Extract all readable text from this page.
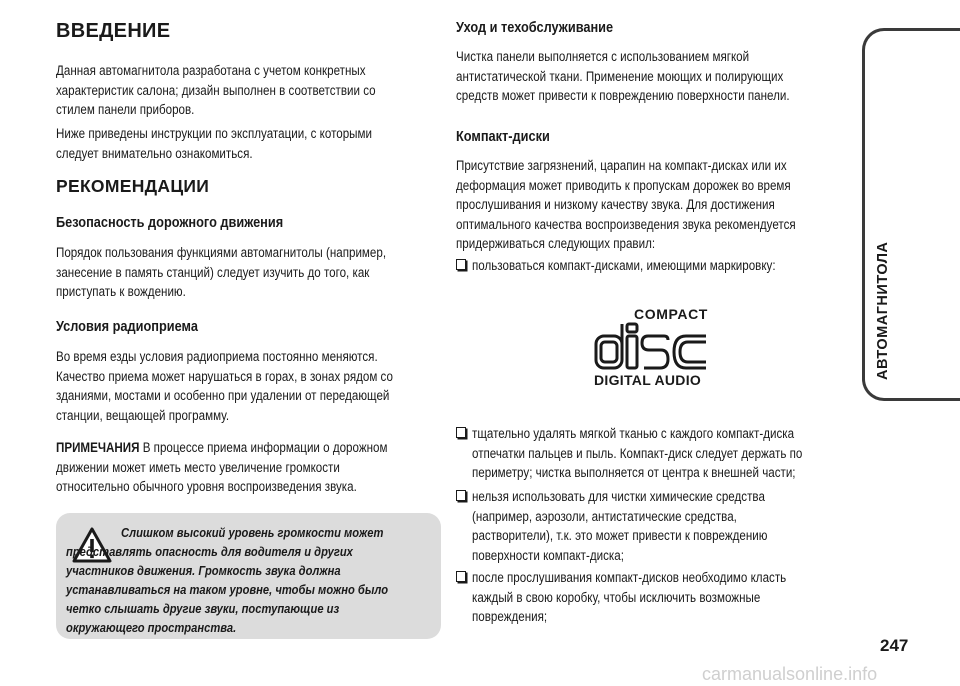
ВВЕДЕНИЕ
Данная автомагнитола разработана с учетом конкретных
характеристик салона; дизайн выполнен в соответствии со
стилем панели приборов.
Ниже приведены инструкции по эксплуатации, с которыми
следует внимательно ознакомиться.
РЕКОМЕНДАЦИИ
Безопасность дорожного движения
Порядок пользования функциями автомагнитолы (например,
занесение в память станций) следует изучить до того, как
приступать к вождению.
Условия радиоприема
Во время езды условия радиоприема постоянно меняются.
Качество приема может нарушаться в горах, в зонах рядом со
зданиями, мостами и особенно при удалении от передающей
станции, вещающей программу.
ПРИМЕЧАНИЯ В процессе приема информации о дорожном
движении может иметь место увеличение громкости
относительно обычного уровня воспроизведения звука.
Слишком высокий уровень громкости может
представлять опасность для водителя и других
участников движения. Громкость звука должна
устанавливаться на таком уровне, чтобы можно было
четко слышать другие звуки, поступающие из
окружающего пространства.
Уход и техобслуживание
Чистка панели выполняется с использованием мягкой
антистатической ткани. Применение моющих и полирующих
средств может привести к повреждению поверхности панели.
Компакт-диски
Присутствие загрязнений, царапин на компакт-дисках или их
деформация может приводить к пропускам дорожек во время
прослушивания и низкому качеству звука. Для достижения
оптимального качества воспроизведения звука рекомендуется
придерживаться следующих правил:
пользоваться компакт-дисками, имеющими маркировку:
тщательно удалять мягкой тканью с каждого компакт-диска
отпечатки пальцев и пыль. Компакт-диск следует держать по
периметру; чистка выполняется от центра к внешней части;
нельзя использовать для чистки химические средства
(например, аэрозоли, антистатические средства,
растворители), т.к. это может привести к повреждению
поверхности компакт-диска;
после прослушивания компакт-дисков необходимо класть
каждый в свою коробку, чтобы исключить возможные
повреждения;
COMPACT
DIGITAL AUDIO	АВТОМАГНИТОЛА
247
carmanualsonline.info
